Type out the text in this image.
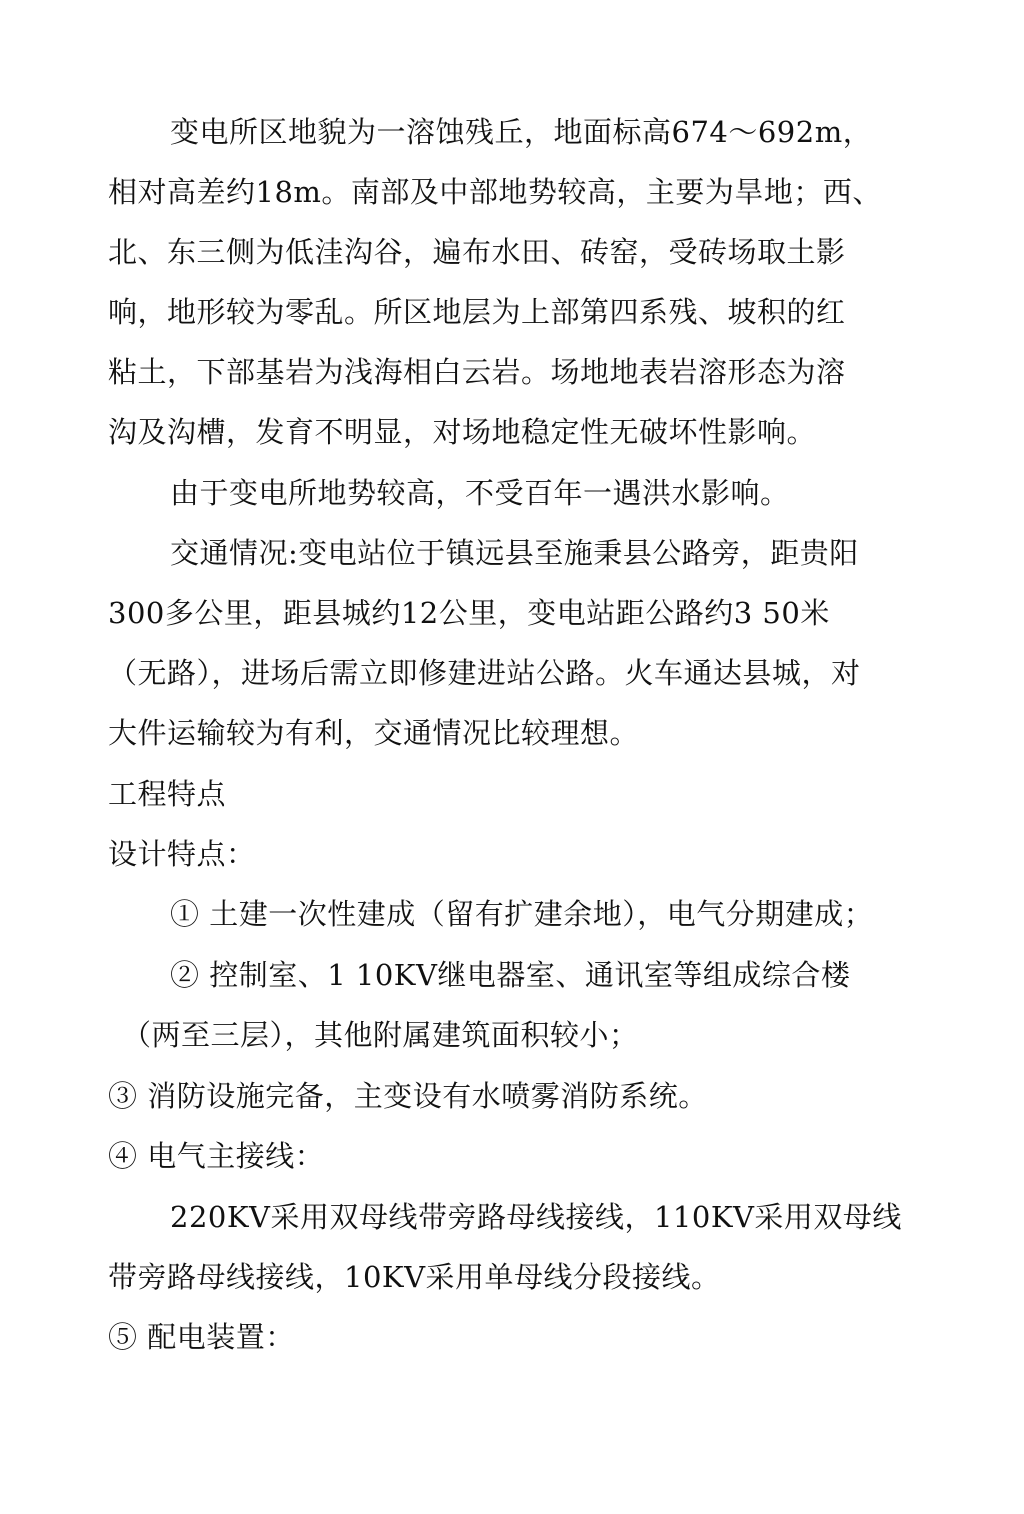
变电所区地貌为一溶蚀残丘，地面标高674～692m，
相对高差约18m。南部及中部地势较高，主要为旱地；西、
北、东三侧为低洼沟谷，遍布水田、砖窑，受砖场取土影
响，地形较为零乱。所区地层为上部第四系残、坡积的红
粘土，下部基岩为浅海相白云岩。场地地表岩溶形态为溶
沟及沟槽，发育不明显，对场地稳定性无破坏性影响。
由于变电所地势较高，不受百年一遇洪水影响。
交通情况:变电站位于镇远县至施秉县公路旁，距贵阳
300多公里，距县城约12公里，变电站距公路约3 50米
（无路），进场后需立即修建进站公路。火车通达县城，对
大件运输较为有利，交通情况比较理想。
工程特点
设计特点：
① 土建一次性建成（留有扩建余地），电气分期建成；
② 控制室、1 10KV继电器室、通讯室等组成综合楼
（两至三层），其他附属建筑面积较小；
③ 消防设施完备，主变设有水喷雾消防系统。
④ 电气主接线：
220KV采用双母线带旁路母线接线，110KV采用双母线
带旁路母线接线，10KV采用单母线分段接线。
⑤ 配电装置：
